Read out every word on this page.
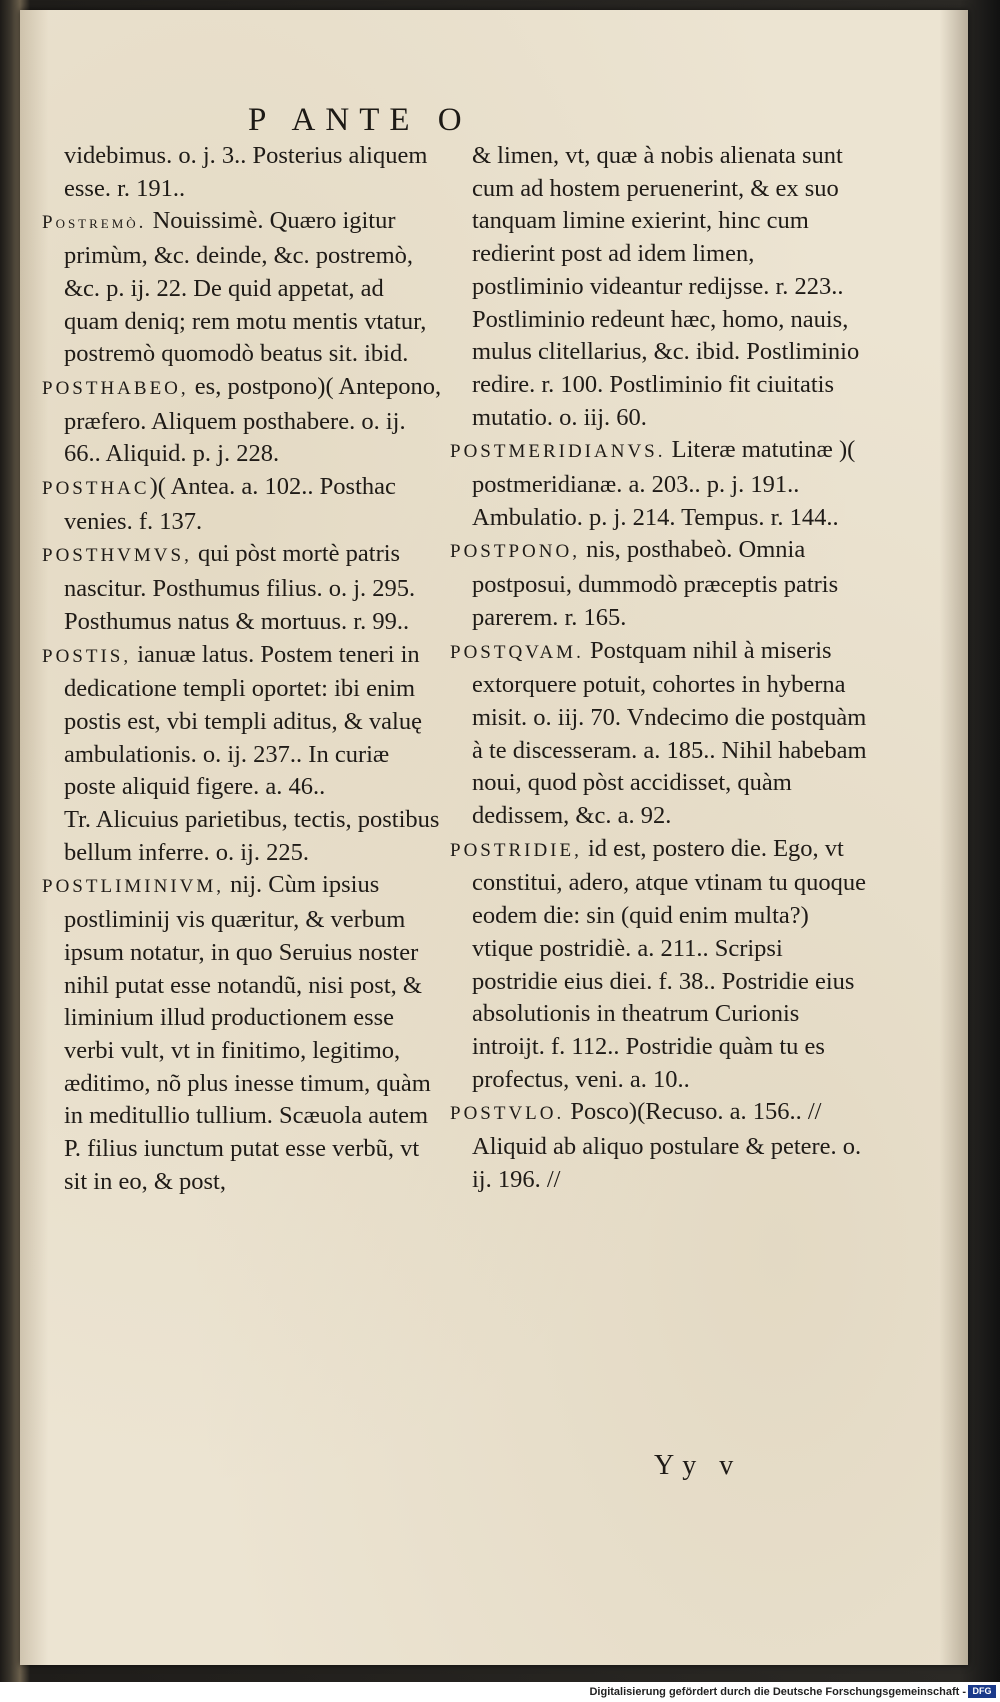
P ANTE O

videbimus. o. j. 3.. Posterius aliquem esse. r. 191..

Postremò. Nouissimè. Quæro igitur primùm, &c. deinde, &c. postremò, &c. p. ij. 22. De quid appetat, ad quam deniq; rem motu mentis vtatur, postremò quomodò beatus sit. ibid.

POSTHABEO, es, postpono)( Antepono, præfero. Aliquem posthabere. o. ij. 66.. Aliquid. p. j. 228.

POSTHAC)( Antea. a. 102.. Posthac venies. f. 137.

POSTHVMVS, qui pòst mortè patris nascitur. Posthumus filius. o. j. 295. Posthumus natus & mortuus. r. 99..

POSTIS, ianuæ latus. Postem teneri in dedicatione templi oportet: ibi enim postis est, vbi templi aditus, & valuę ambulationis. o. ij. 237.. In curiæ poste aliquid figere. a. 46..

Tr. Alicuius parietibus, tectis, postibus bellum inferre. o. ij. 225.

POSTLIMINIVM, nij. Cùm ipsius postliminij vis quæritur, & verbum ipsum notatur, in quo Seruius noster nihil putat esse notandũ, nisi post, & liminium illud productionem esse verbi vult, vt in finitimo, legitimo, æditimo, nõ plus inesse timum, quàm in meditullio tullium. Scæuola autem P. filius iunctum putat esse verbũ, vt sit in eo, & post,

& limen, vt, quæ à nobis alienata sunt cum ad hostem peruenerint, & ex suo tanquam limine exierint, hinc cum redierint post ad idem limen, postliminio videantur redijsse. r. 223.. Postliminio redeunt hæc, homo, nauis, mulus clitellarius, &c. ibid. Postliminio redire. r. 100. Postliminio fit ciuitatis mutatio. o. iij. 60.

POSTMERIDIANVS. Literæ matutinæ )( postmeridianæ. a. 203.. p. j. 191.. Ambulatio. p. j. 214. Tempus. r. 144..

POSTPONO, nis, posthabeò. Omnia postposui, dummodò præceptis patris parerem. r. 165.

POSTQVAM. Postquam nihil à miseris extorquere potuit, cohortes in hyberna misit. o. iij. 70. Vndecimo die postquàm à te discesseram. a. 185.. Nihil habebam noui, quod pòst accidisset, quàm dedissem, &c. a. 92.

POSTRIDIE, id est, postero die. Ego, vt constitui, adero, atque vtinam tu quoque eodem die: sin (quid enim multa?) vtique postridiè. a. 211.. Scripsi postridie eius diei. f. 38.. Postridie eius absolutionis in theatrum Curionis introijt. f. 112.. Postridie quàm tu es profectus, veni. a. 10..

POSTVLO. Posco)(Recuso. a. 156.. // Aliquid ab aliquo postulare & petere. o. ij. 196. //

Yy v
Digitalisierung gefördert durch die Deutsche Forschungsgemeinschaft - DFG
